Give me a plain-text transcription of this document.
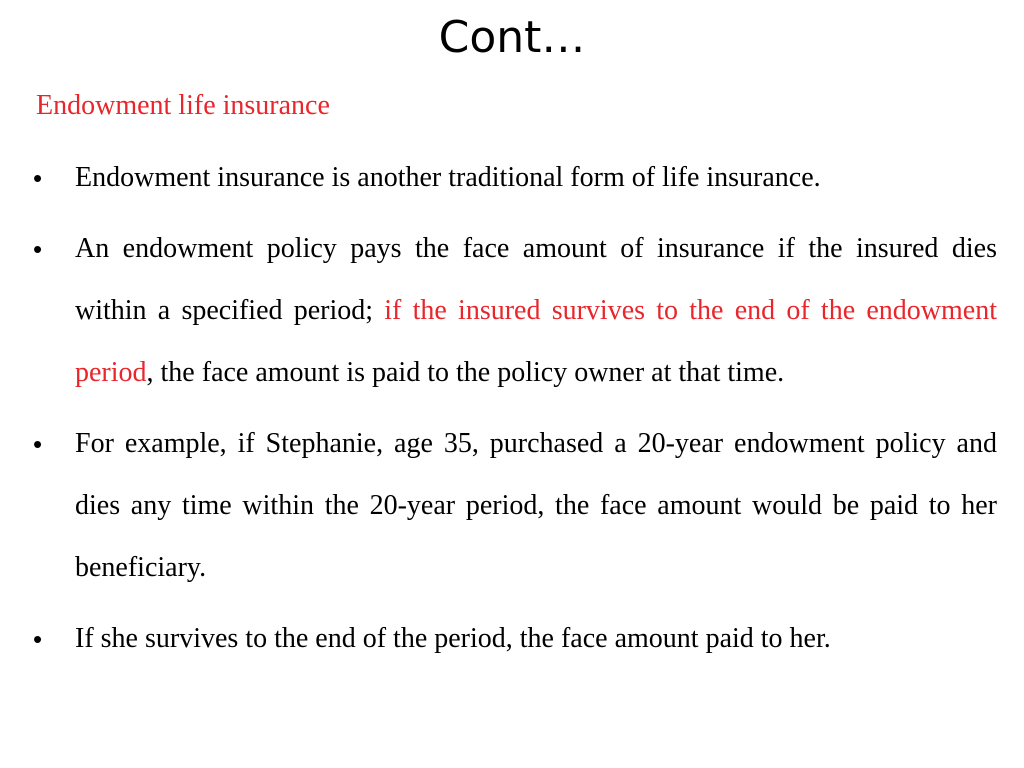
Cont…

Endowment life insurance

• Endowment insurance is another traditional form of life insurance.
• An endowment policy pays the face amount of insurance if the insured dies within a specified period; if the insured survives to the end of the endowment period, the face amount is paid to the policy owner at that time.
• For example, if Stephanie, age 35, purchased a 20-year endowment policy and dies any time within the 20-year period, the face amount would be paid to her beneficiary.
• If she survives to the end of the period, the face amount paid to her.
